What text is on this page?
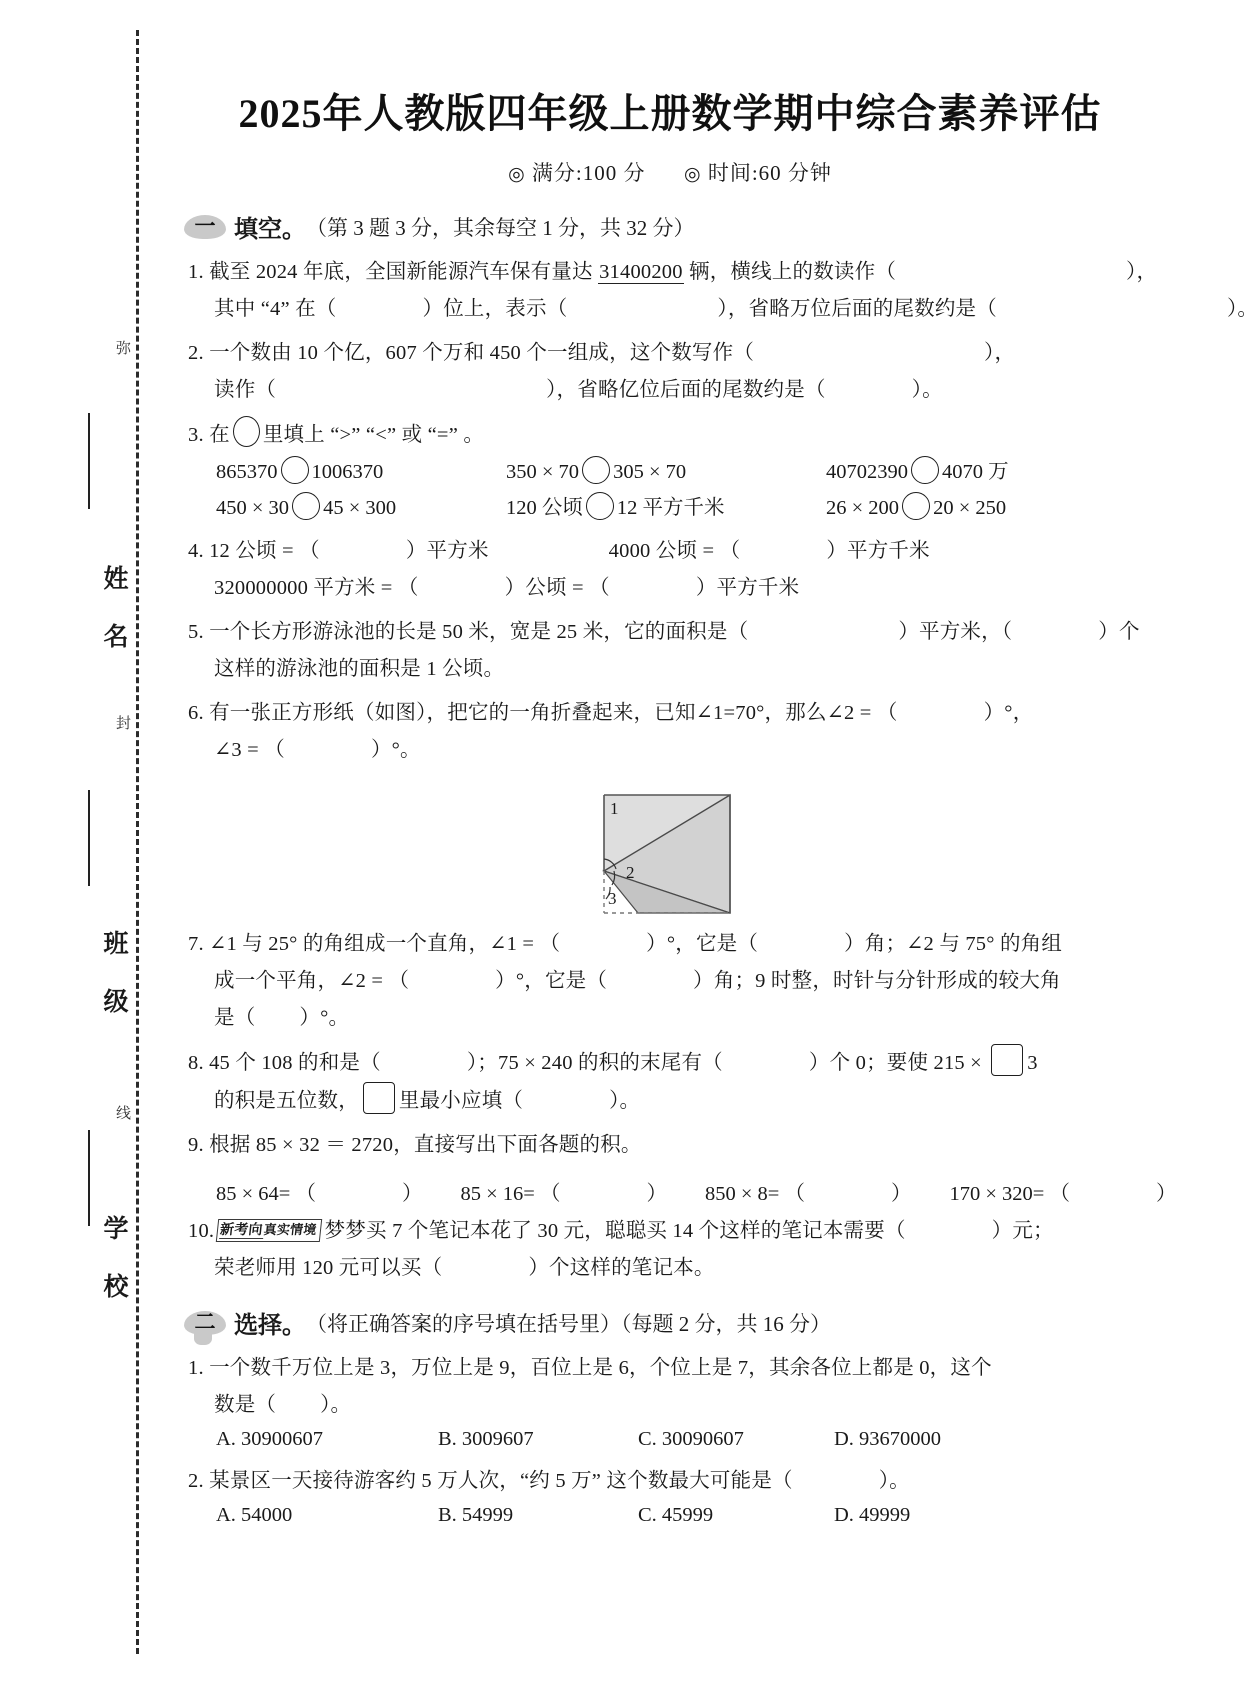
弥
封
线
姓 名
班 级
学 校
2025年人教版四年级上册数学期中综合素养评估
◎ 满分:100 分 ◎ 时间:60 分钟
一 填空。 （第 3 题 3 分，其余每空 1 分，共 32 分）
1. 截至 2024 年底，全国新能源汽车保有量达 31400200 辆，横线上的数读作（	），
其中 “4” 在（	）位上，表示（	），省略万位后面的尾数约是（	）。
2. 一个数由 10 个亿，607 个万和 450 个一组成，这个数写作（	），
读作（	），省略亿位后面的尾数约是（	）。
3. 在 里填上 “>” “<” 或 “=” 。
865370 1006370	350 × 70 305 × 70	40702390 4070 万
450 × 30 45 × 300	120 公顷 12 平方千米	26 × 200 20 × 250
4. 12 公顷 = （	）平方米	4000 公顷 = （	）平方千米
320000000 平方米 = （	）公顷 = （	）平方千米
5. 一个长方形游泳池的长是 50 米，宽是 25 米，它的面积是（	）平方米，（	）个
这样的游泳池的面积是 1 公顷。
6. 有一张正方形纸（如图），把它的一角折叠起来，已知∠1=70°，那么∠2 = （	）°，
∠3 = （	）°。
1
2
3
7. ∠1 与 25° 的角组成一个直角，∠1 = （	）°，它是（	）角；∠2 与 75° 的角组
成一个平角，∠2 = （	）°，它是（	）角；9 时整，时针与分针形成的较大角
是（ ）°。
8. 45 个 108 的和是（	）；75 × 240 的积的末尾有（	）个 0；要使 215 × 3
的积是五位数， 里最小应填（	）。
9. 根据 85 × 32 ＝ 2720，直接写出下面各题的积。
85 × 64= （	） 85 × 16= （	） 850 × 8= （	） 170 × 320= （	）
10. 新考向真实情境 梦梦买 7 个笔记本花了 30 元，聪聪买 14 个这样的笔记本需要（	）元；
荣老师用 120 元可以买（	）个这样的笔记本。
二 选择。 （将正确答案的序号填在括号里）（每题 2 分，共 16 分）
1. 一个数千万位上是 3，万位上是 9，百位上是 6，个位上是 7，其余各位上都是 0，这个
数是（ ）。
A. 30900607	B. 3009607	C. 30090607	D. 93670000
2. 某景区一天接待游客约 5 万人次，“约 5 万” 这个数最大可能是（	）。
A. 54000	B. 54999	C. 45999	D. 49999
